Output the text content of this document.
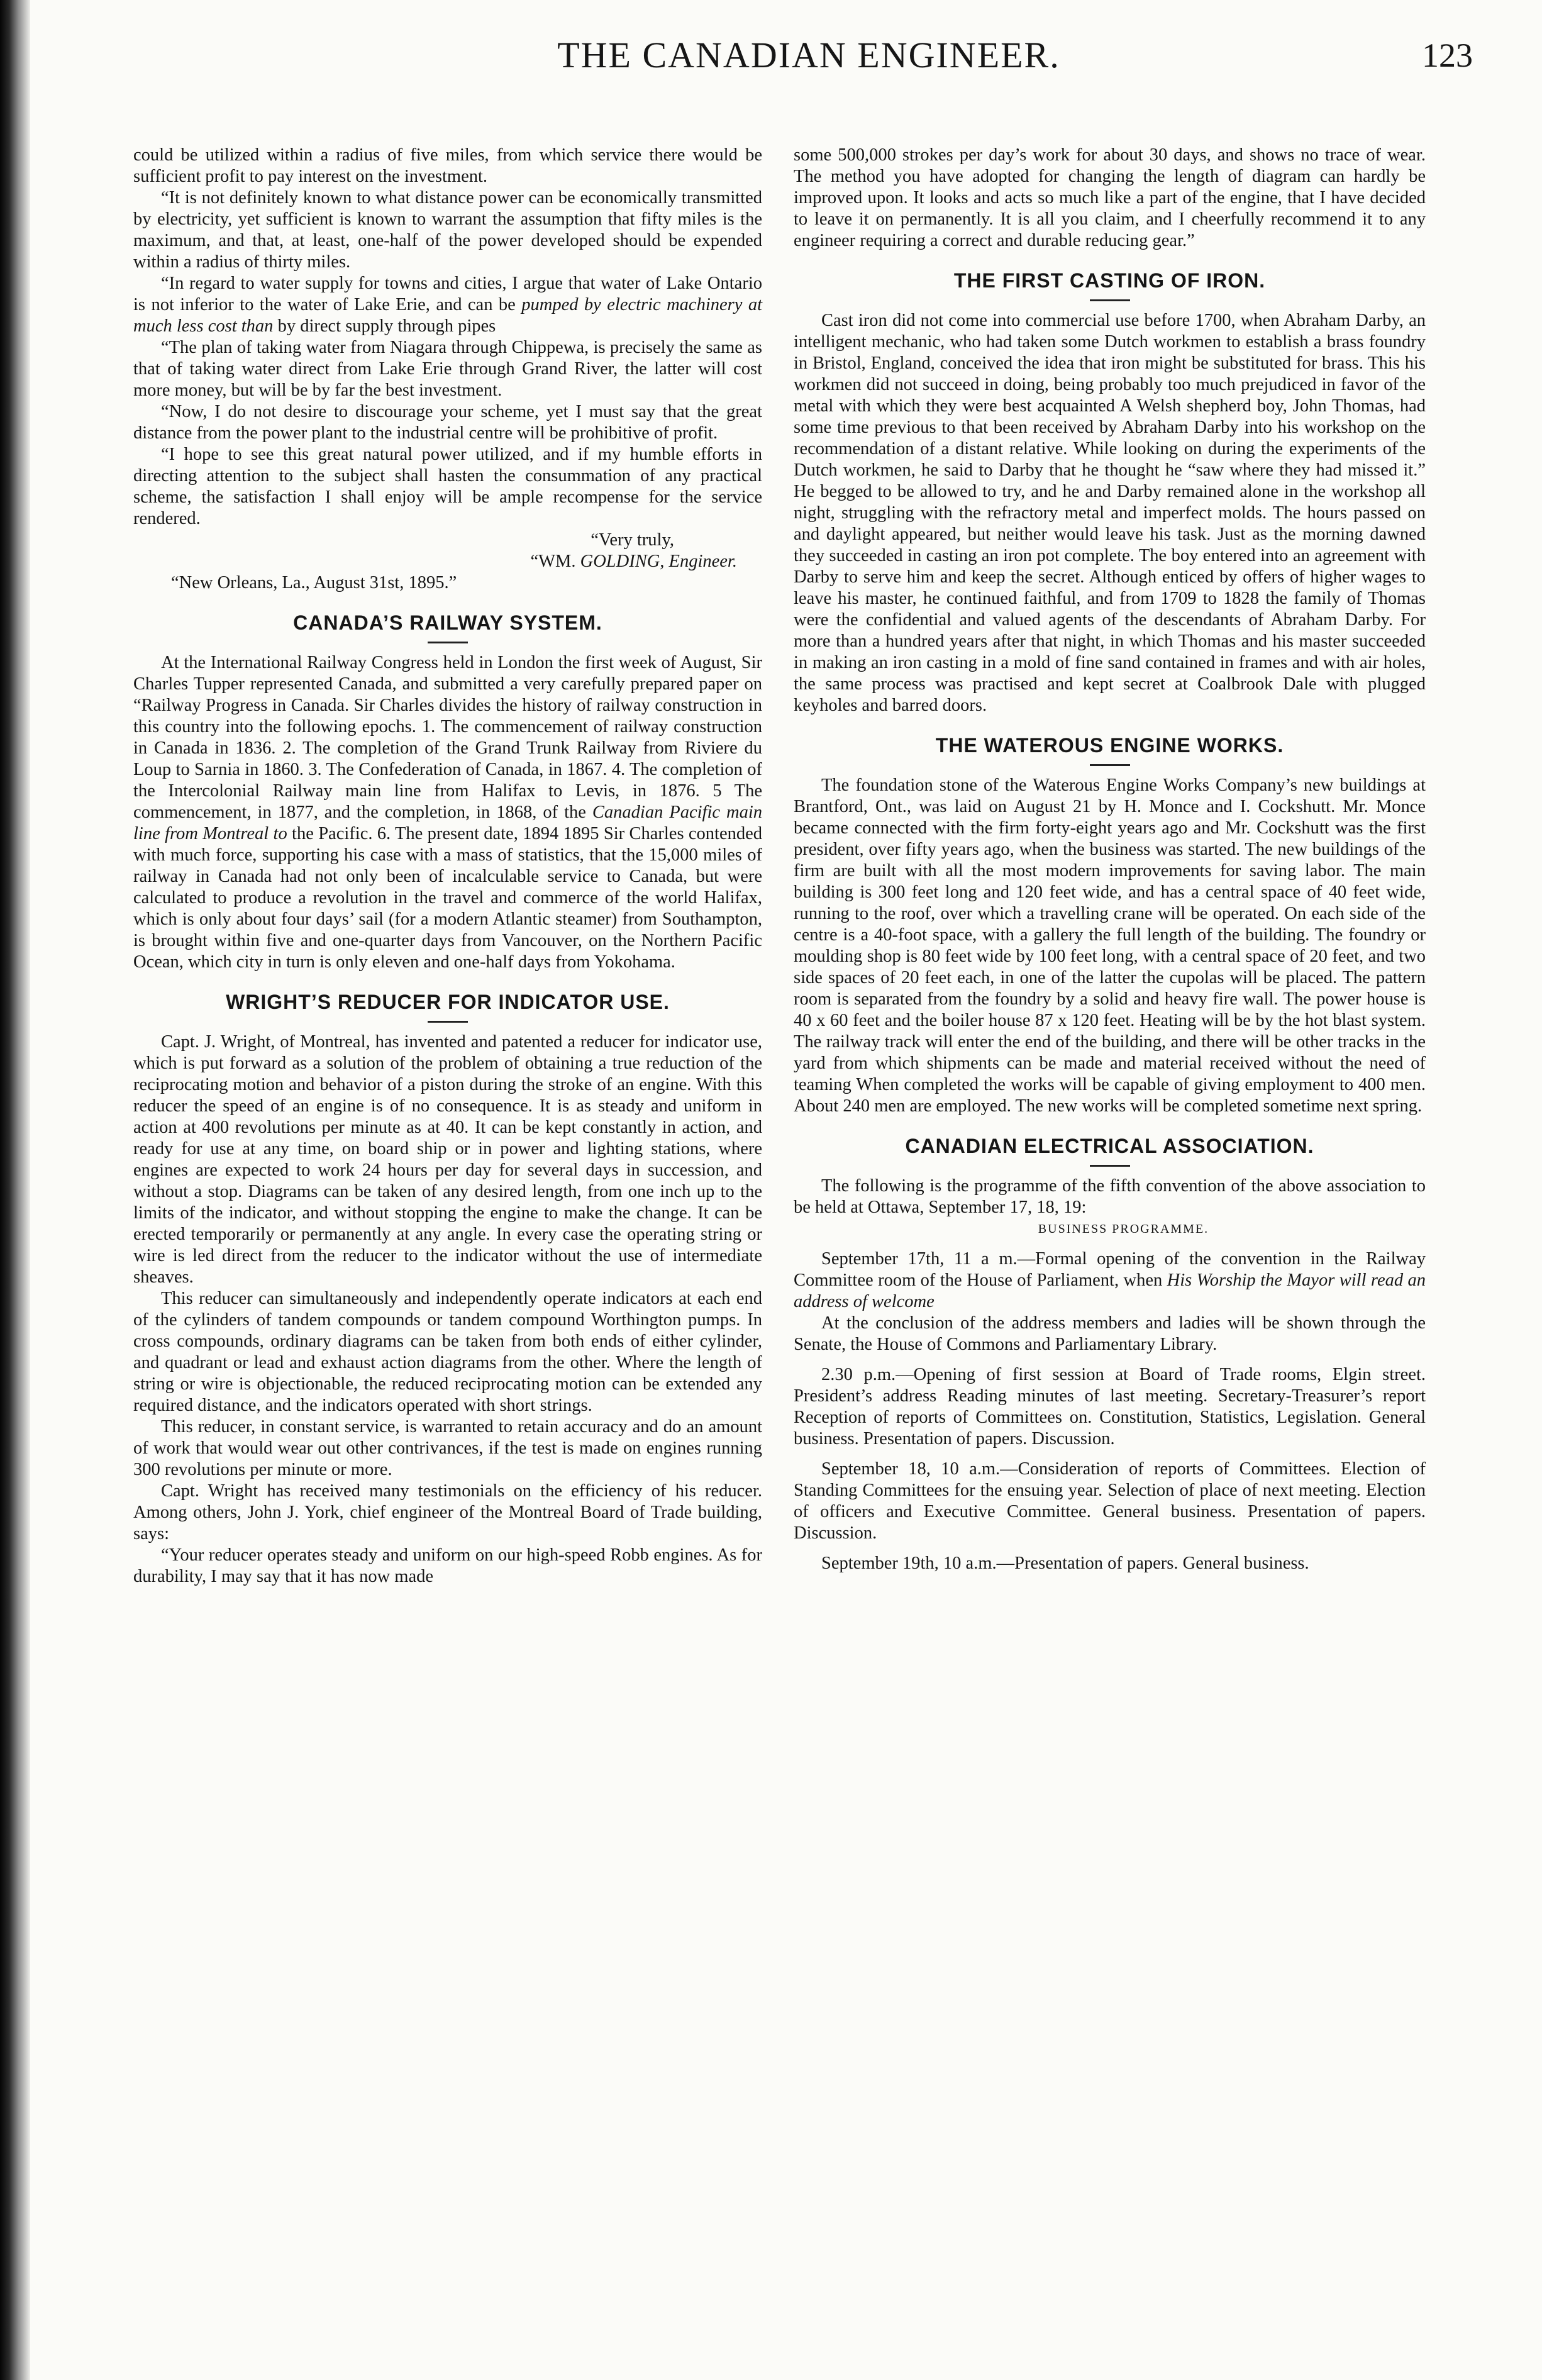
THE CANADIAN ENGINEER.	123

could be utilized within a radius of five miles, from which service there would be sufficient profit to pay interest on the investment.

“It is not definitely known to what distance power can be economically transmitted by electricity, yet sufficient is known to warrant the assumption that fifty miles is the maximum, and that, at least, one-half of the power developed should be expended within a radius of thirty miles.

“In regard to water supply for towns and cities, I argue that water of Lake Ontario is not inferior to the water of Lake Erie, and can be pumped by electric machinery at much less cost than by direct supply through pipes

“The plan of taking water from Niagara through Chippewa, is precisely the same as that of taking water direct from Lake Erie through Grand River, the latter will cost more money, but will be by far the best investment.

“Now, I do not desire to discourage your scheme, yet I must say that the great distance from the power plant to the industrial centre will be prohibitive of profit.

“I hope to see this great natural power utilized, and if my humble efforts in directing attention to the subject shall hasten the consummation of any practical scheme, the satisfaction I shall enjoy will be ample recompense for the service rendered.

“Very truly,

“WM. GOLDING, Engineer.

“New Orleans, La., August 31st, 1895.”

CANADA’S RAILWAY SYSTEM.

At the International Railway Congress held in London the first week of August, Sir Charles Tupper represented Canada, and submitted a very carefully prepared paper on “Railway Progress in Canada. Sir Charles divides the history of railway construction in this country into the following epochs. 1. The commencement of railway construction in Canada in 1836. 2. The completion of the Grand Trunk Railway from Riviere du Loup to Sarnia in 1860. 3. The Confederation of Canada, in 1867. 4. The completion of the Intercolonial Railway main line from Halifax to Levis, in 1876. 5 The commencement, in 1877, and the completion, in 1868, of the Canadian Pacific main line from Montreal to the Pacific. 6. The present date, 1894 1895 Sir Charles contended with much force, supporting his case with a mass of statistics, that the 15,000 miles of railway in Canada had not only been of incalculable service to Canada, but were calculated to produce a revolution in the travel and commerce of the world Halifax, which is only about four days’ sail (for a modern Atlantic steamer) from Southampton, is brought within five and one-quarter days from Vancouver, on the Northern Pacific Ocean, which city in turn is only eleven and one-half days from Yokohama.

WRIGHT’S REDUCER FOR INDICATOR USE.

Capt. J. Wright, of Montreal, has invented and patented a reducer for indicator use, which is put forward as a solution of the problem of obtaining a true reduction of the reciprocating motion and behavior of a piston during the stroke of an engine. With this reducer the speed of an engine is of no consequence. It is as steady and uniform in action at 400 revolutions per minute as at 40. It can be kept constantly in action, and ready for use at any time, on board ship or in power and lighting stations, where engines are expected to work 24 hours per day for several days in succession, and without a stop. Diagrams can be taken of any desired length, from one inch up to the limits of the indicator, and without stopping the engine to make the change. It can be erected temporarily or permanently at any angle. In every case the operating string or wire is led direct from the reducer to the indicator without the use of intermediate sheaves.

This reducer can simultaneously and independently operate indicators at each end of the cylinders of tandem compounds or tandem compound Worthington pumps. In cross compounds, ordinary diagrams can be taken from both ends of either cylinder, and quadrant or lead and exhaust action diagrams from the other. Where the length of string or wire is objectionable, the reduced reciprocating motion can be extended any required distance, and the indicators operated with short strings.

This reducer, in constant service, is warranted to retain accuracy and do an amount of work that would wear out other contrivances, if the test is made on engines running 300 revolutions per minute or more.

Capt. Wright has received many testimonials on the efficiency of his reducer. Among others, John J. York, chief engineer of the Montreal Board of Trade building, says:

“Your reducer operates steady and uniform on our high-speed Robb engines. As for durability, I may say that it has now made

some 500,000 strokes per day’s work for about 30 days, and shows no trace of wear. The method you have adopted for changing the length of diagram can hardly be improved upon. It looks and acts so much like a part of the engine, that I have decided to leave it on permanently. It is all you claim, and I cheerfully recommend it to any engineer requiring a correct and durable reducing gear.”

THE FIRST CASTING OF IRON.

Cast iron did not come into commercial use before 1700, when Abraham Darby, an intelligent mechanic, who had taken some Dutch workmen to establish a brass foundry in Bristol, England, conceived the idea that iron might be substituted for brass. This his workmen did not succeed in doing, being probably too much prejudiced in favor of the metal with which they were best acquainted A Welsh shepherd boy, John Thomas, had some time previous to that been received by Abraham Darby into his workshop on the recommendation of a distant relative. While looking on during the experiments of the Dutch workmen, he said to Darby that he thought he “saw where they had missed it.” He begged to be allowed to try, and he and Darby remained alone in the workshop all night, struggling with the refractory metal and imperfect molds. The hours passed on and daylight appeared, but neither would leave his task. Just as the morning dawned they succeeded in casting an iron pot complete. The boy entered into an agreement with Darby to serve him and keep the secret. Although enticed by offers of higher wages to leave his master, he continued faithful, and from 1709 to 1828 the family of Thomas were the confidential and valued agents of the descendants of Abraham Darby. For more than a hundred years after that night, in which Thomas and his master succeeded in making an iron casting in a mold of fine sand contained in frames and with air holes, the same process was practised and kept secret at Coalbrook Dale with plugged keyholes and barred doors.

THE WATEROUS ENGINE WORKS.

The foundation stone of the Waterous Engine Works Company’s new buildings at Brantford, Ont., was laid on August 21 by H. Monce and I. Cockshutt. Mr. Monce became connected with the firm forty-eight years ago and Mr. Cockshutt was the first president, over fifty years ago, when the business was started. The new buildings of the firm are built with all the most modern improvements for saving labor. The main building is 300 feet long and 120 feet wide, and has a central space of 40 feet wide, running to the roof, over which a travelling crane will be operated. On each side of the centre is a 40-foot space, with a gallery the full length of the building. The foundry or moulding shop is 80 feet wide by 100 feet long, with a central space of 20 feet, and two side spaces of 20 feet each, in one of the latter the cupolas will be placed. The pattern room is separated from the foundry by a solid and heavy fire wall. The power house is 40 x 60 feet and the boiler house 87 x 120 feet. Heating will be by the hot blast system. The railway track will enter the end of the building, and there will be other tracks in the yard from which shipments can be made and material received without the need of teaming When completed the works will be capable of giving employment to 400 men. About 240 men are employed. The new works will be completed sometime next spring.

CANADIAN ELECTRICAL ASSOCIATION.

The following is the programme of the fifth convention of the above association to be held at Ottawa, September 17, 18, 19:

BUSINESS PROGRAMME.

September 17th, 11 a m.—Formal opening of the convention in the Railway Committee room of the House of Parliament, when His Worship the Mayor will read an address of welcome

At the conclusion of the address members and ladies will be shown through the Senate, the House of Commons and Parliamentary Library.

2.30 p.m.—Opening of first session at Board of Trade rooms, Elgin street. President’s address Reading minutes of last meeting. Secretary-Treasurer’s report Reception of reports of Committees on. Constitution, Statistics, Legislation. General business. Presentation of papers. Discussion.

September 18, 10 a.m.—Consideration of reports of Committees. Election of Standing Committees for the ensuing year. Selection of place of next meeting. Election of officers and Executive Committee. General business. Presentation of papers. Discussion.

September 19th, 10 a.m.—Presentation of papers. General business.
